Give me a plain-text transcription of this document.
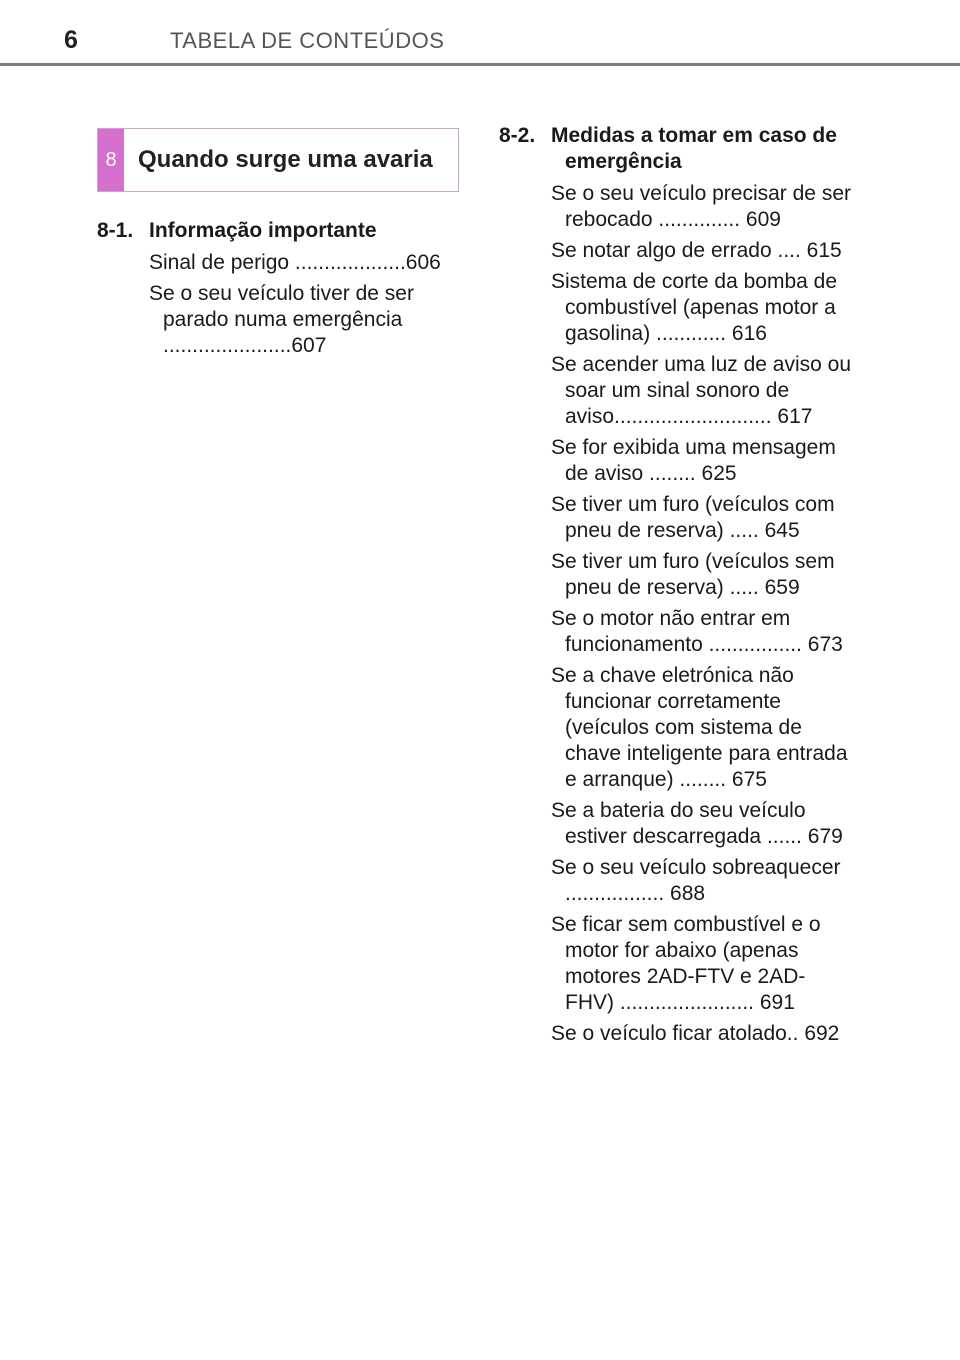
6	TABELA DE CONTEÚDOS
8 Quando surge uma avaria
8-1. Informação importante
Sinal de perigo ...................606
Se o seu veículo tiver de ser parado numa emergência ......................607
8-2. Medidas a tomar em caso de
emergência
Se o seu veículo precisar de ser rebocado .............. 609
Se notar algo de errado .... 615
Sistema de corte da bomba de combustível (apenas motor a gasolina) ............ 616
Se acender uma luz de aviso ou soar um sinal sonoro de aviso........................... 617
Se for exibida uma mensagem de aviso ........ 625
Se tiver um furo (veículos com pneu de reserva) ..... 645
Se tiver um furo (veículos sem pneu de reserva) ..... 659
Se o motor não entrar em funcionamento ................ 673
Se a chave eletrónica não funcionar corretamente (veículos com sistema de chave inteligente para entrada e arranque) ........ 675
Se a bateria do seu veículo estiver descarregada ...... 679
Se o seu veículo sobreaquecer ................. 688
Se ficar sem combustível e o motor for abaixo (apenas motores 2AD-FTV e 2AD-FHV) ....................... 691
Se o veículo ficar atolado.. 692
